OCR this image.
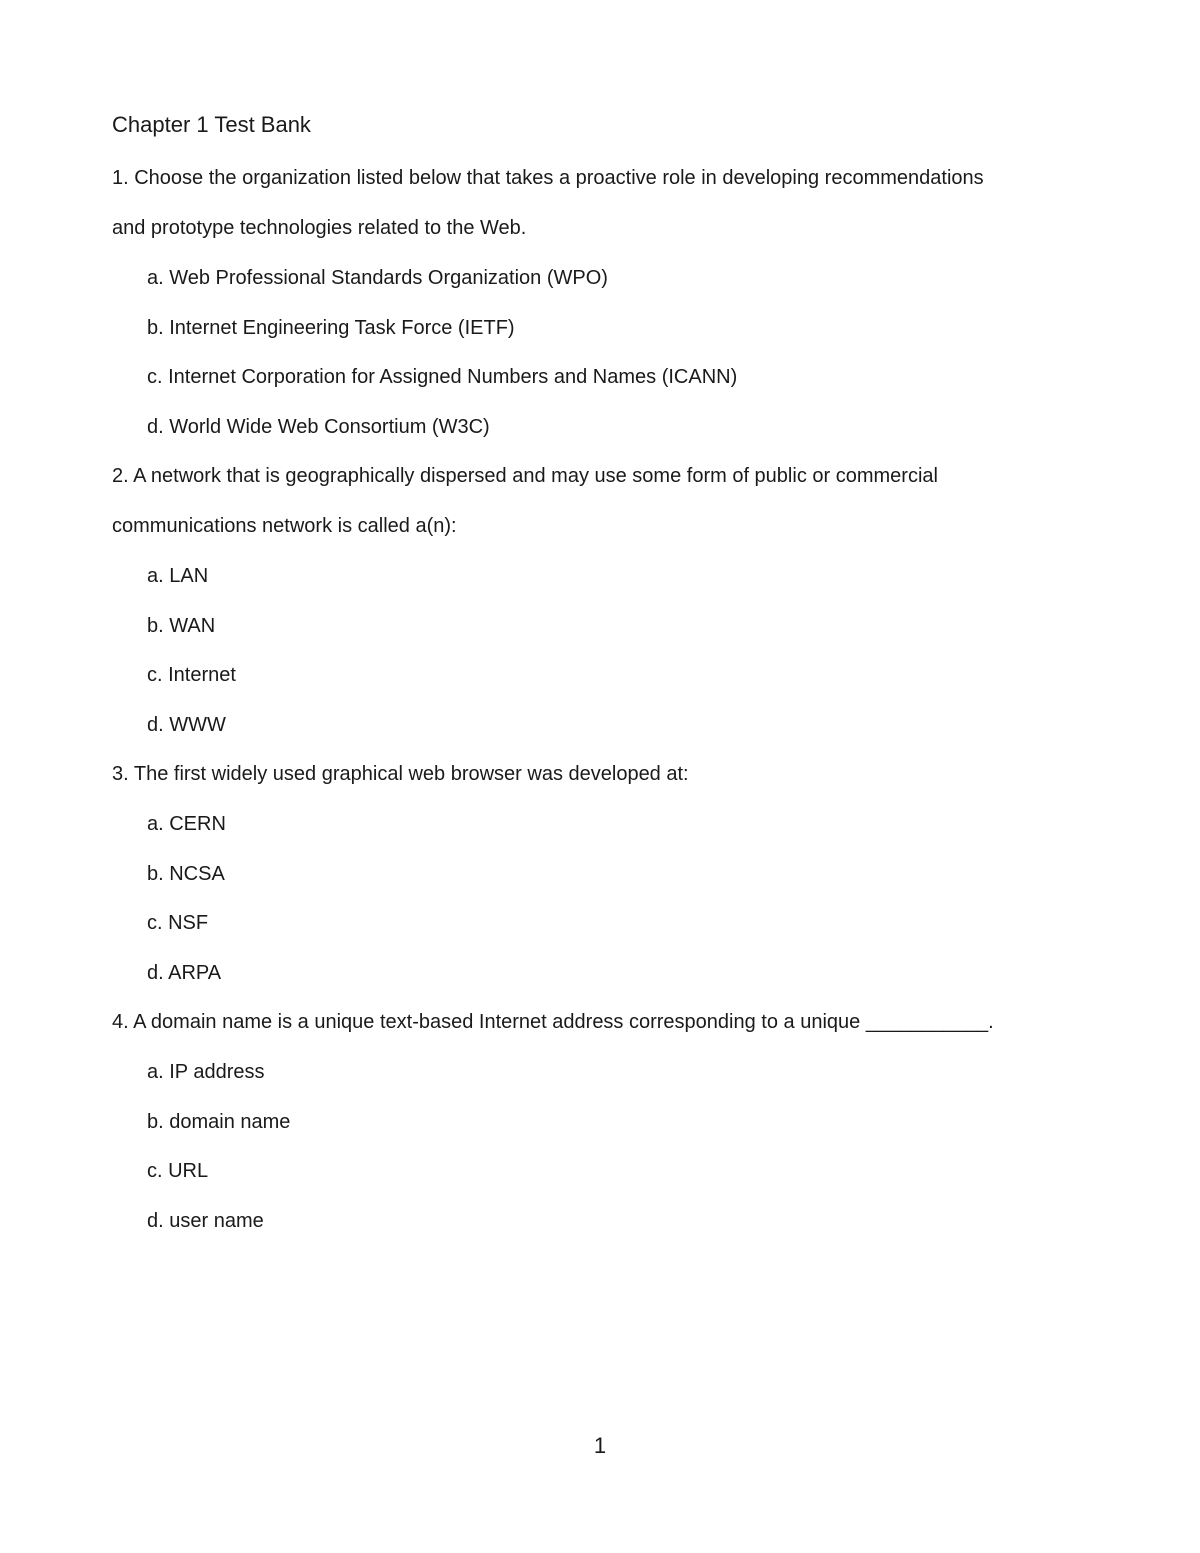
Chapter 1 Test Bank
1. Choose the organization listed below that takes a proactive role in developing recommendations
and prototype technologies related to the Web.
a. Web Professional Standards Organization (WPO)
b. Internet Engineering Task Force (IETF)
c. Internet Corporation for Assigned Numbers and Names (ICANN)
d. World Wide Web Consortium (W3C)
2. A network that is geographically dispersed and may use some form of public or commercial
communications network is called a(n):
a. LAN
b. WAN
c. Internet
d. WWW
3. The first widely used graphical web browser was developed at:
a. CERN
b. NCSA
c. NSF
d. ARPA
4. A domain name is a unique text-based Internet address corresponding to a unique ___________.
a. IP address
b. domain name
c. URL
d. user name
1
